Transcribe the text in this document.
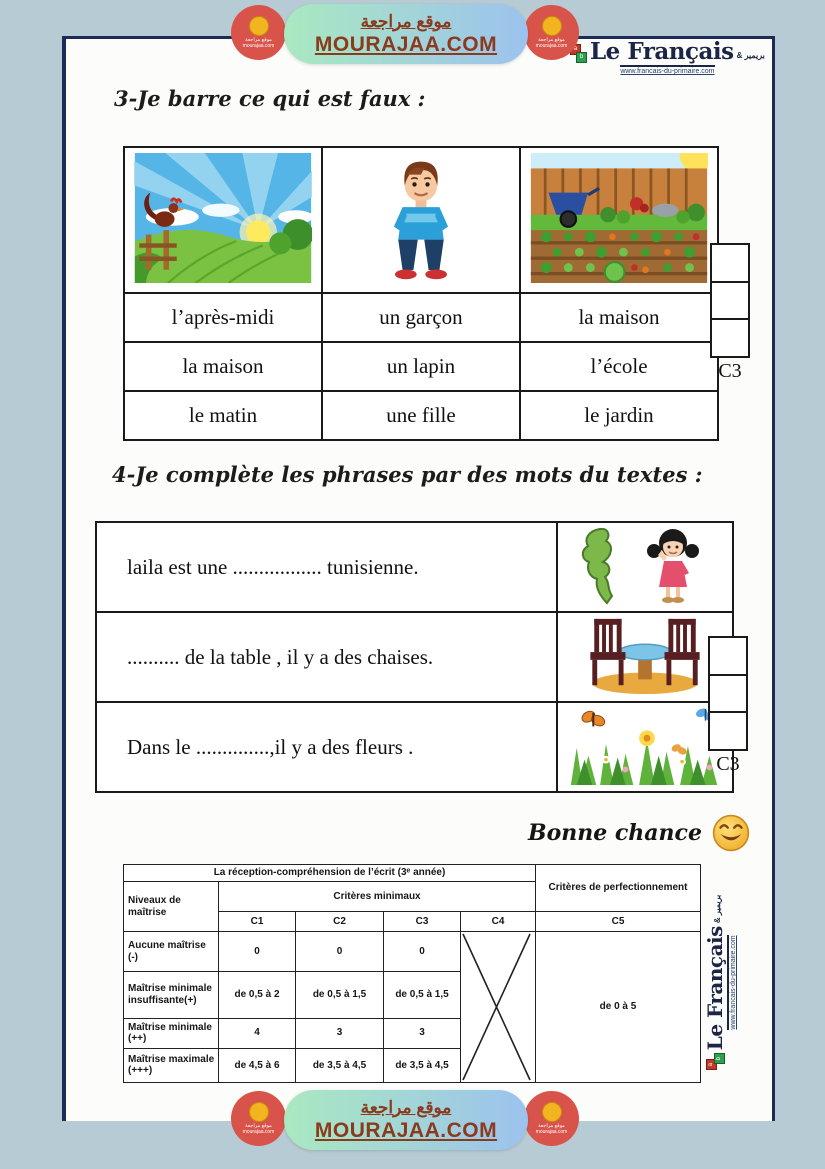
موقع مراجعة
mourajaa.com
موقع مراجعة
mourajaa.com
موقع مراجعة
MOURAJAA.COM	a
b Le Français & بريمير
www.francais-du-primaire.com
3-Je barre ce qui est faux :

l’après-midi	un garçon	la maison
la maison	un lapin	l’école
le matin	une fille	le jardin
C3
4-Je complète les phrases par des mots du textes :
laila est une ................. tunisienne.	
.......... de la table , il y a des chaises.	
Dans le ..............,il y a des fleurs .	
C3
Bonne chance
La réception-compréhension de l’écrit (3ᵉ année)					Critères de perfectionnement
Niveaux de maîtrise	Critères minimaux				
	C1	C2	C3	C4	C5
Aucune maîtrise (-)	0	0	0		de 0 à 5
Maîtrise minimale insuffisante(+)	de 0,5 à 2	de 0,5 à 1,5	de 0,5 à 1,5		
Maîtrise minimale (++)	4	3	3		
Maîtrise maximale (+++)	de 4,5 à 6	de 3,5 à 4,5	de 3,5 à 4,5			a
b
Le Français
& بريمير
www.francais-du-primaire.com
موقع مراجعة
mourajaa.com
موقع مراجعة
mourajaa.com
موقع مراجعة
MOURAJAA.COM
